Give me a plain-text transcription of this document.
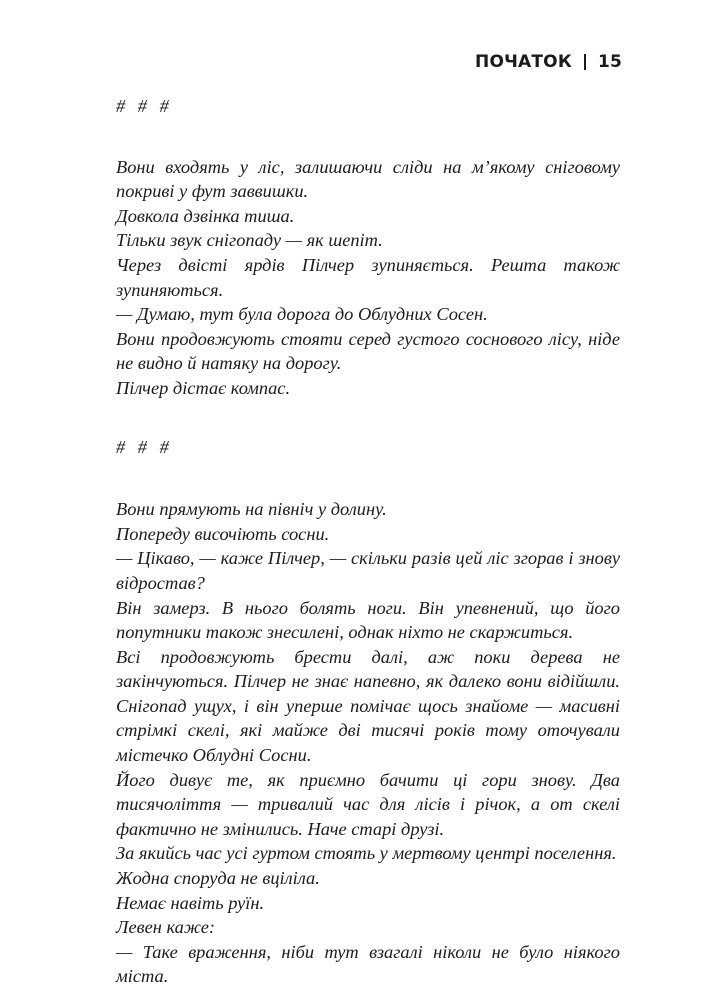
ПОЧАТОК 15

# # #

Вони входять у ліс, залишаючи сліди на м’якому сніговому покриві у фут заввишки.

Довкола дзвінка тиша.

Тільки звук снігопаду — як шепіт.

Через двісті ярдів Пілчер зупиняється. Решта також зупиняються.

— Думаю, тут була дорога до Облудних Сосен.

Вони продовжують стояти серед густого соснового лісу, ніде не видно й натяку на дорогу.

Пілчер дістає компас.

# # #

Вони прямують на північ у долину.

Попереду височіють сосни.

— Цікаво, — каже Пілчер, — скільки разів цей ліс згорав і знову відростав?

Він замерз. В нього болять ноги. Він упевнений, що його попутники також знесилені, однак ніхто не скаржиться.

Всі продовжують брести далі, аж поки дерева не закінчуються. Пілчер не знає напевно, як далеко вони відійшли. Снігопад ущух, і він уперше помічає щось знайоме — масивні стрімкі скелі, які майже дві тисячі років тому оточували містечко Облудні Сосни.

Його дивує те, як приємно бачити ці гори знову. Два тисячоліття — тривалий час для лісів і річок, а от скелі фактично не змінились. Наче старі друзі.

За якийсь час усі гуртом стоять у мертвому центрі поселення.

Жодна споруда не вціліла.

Немає навіть руїн.

Левен каже:

— Таке враження, ніби тут взагалі ніколи не було ніякого міста.
